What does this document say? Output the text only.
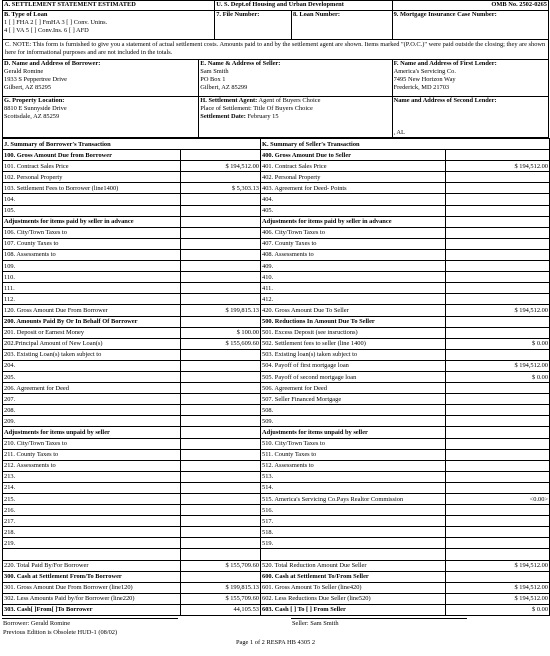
A. SETTLEMENT STATEMENT ESTIMATED	U. S. Dept.of Housing and Urban Development	OMB No. 2502-0265
B. Type of Loan
1 [ ] FHA 2 [ ] FmHA 3 [ ] Conv. Unins.
4 [ ] VA 5 [ ] Conv.Ins. 6 [ ] AFD
7. File Number:	8. Loan Number:	9. Mortgage Insurance Case Number:
C. NOTE: This form is furnished to give you a statement of actual settlement costs. Amounts paid to and by the settlement agent are shown. Items marked "(P.O.C.)" were paid outside the closing; they are shown here for informational purposes and are not included in the totals.
D. Name and Address of Borrower:
Gerald Romine
1933 S Peppertree Drive
Gilbert, AZ 85295
E. Name & Address of Seller:
Sam Smith
PO Box 1
Gilbert, AZ 85299
F. Name and Address of First Lender:
America's Servicing Co.
7495 New Horizon Way
Frederick, MD 21703
G. Property Location:
8810 E Sunnyside Drive
Scottsdale, AZ 85259
H. Settlement Agent: Agent of Buyers Choice
Place of Settlement: Title Of Buyers Choice
Settlement Date: February 15
Name and Address of Second Lender:
, AL
J. Summary of Borrower's Transaction		K. Summary of Seller's Transaction	
100. Gross Amount Due from Borrower		400. Gross Amount Due to Seller	
101. Contract Sales Price	$ 194,512.00	401. Contract Sales Price	$ 194,512.00
102. Personal Property		402. Personal Property	
103. Settlement Fees to Borrower (line1400)	$ 5,303.13	403. Agreement for Deed- Points	
104.		404.	
105.		405.	
Adjustments for items paid by seller in advance		Adjustments for items paid by seller in advance	
106. City/Town Taxes to		406. City/Town Taxes to	
107. County Taxes to		407. County Taxes to	
108. Assessments to		408. Assessments to	
109.		409.	
110.		410.	
111.		411.	
112.		412.	
120. Gross Amount Due From Borrower	$ 199,815.13	420. Gross Amount Due To Seller	$ 194,512.00
200. Amounts Paid By Or In Behalf Of Borrower		500. Reductions In Amount Due To Seller	
201. Deposit or Earnest Money	$ 100.00	501. Excess Deposit (see insructions)	
202.Principal Amount of New Loan(s)	$ 155,609.60	502. Settlement fees to seller (line 1400)	$ 0.00
203. Existing Loan(s) taken subject to		503. Existing loan(s) taken subject to	
204.		504. Payoff of first mortgage loan	$ 194,512.00
205.		505. Payoff of second mortgage loan	$ 0.00
206. Agreement for Deed		506. Agreement for Deed	
207.		507. Seller Financed Mortgage	
208.		508.	
209.		509.	
Adjustments for items unpaid by seller		Adjustments for items unpaid by seller	
210. City/Town Taxes to		510. City/Town Taxes to	
211. County Taxes to		511. County Taxes to	
212. Assessments to		512. Assessments to	
213.		513.	
214.		514.	
215.		515. America's Servicing Co.Pays Realtor Commission	<0.00>
216.		516.	
217.		517.	
218.		518.	
219.		519.	

220. Total Paid By/For Borrower	$ 155,709.60	520. Total Reduction Amount Due Seller	$ 194,512.00
300. Cash at Settlement From/To Borrower		600. Cash at Settlement To/From Seller	
301. Gross Amount Due From Borrower (line120)	$ 199,815.13	601. Gross Amount To Seller (line420)	$ 194,512.00
302. Less Amounts Paid by/for Borrower (line220)	$ 155,709.60	602. Less Reductions Due Seller (line520)	$ 194,512.00
303. Cash[ ]From[ ]To Borrower	44,105.53	603. Cash [ ] To [ ] From Seller	$ 0.00
Borrower: Gerald Romine	Seller: Sam Smith
Previous Edition is Obsolete HUD-1 (08/02)
Page 1 of 2 RESPA HB 4305 2
